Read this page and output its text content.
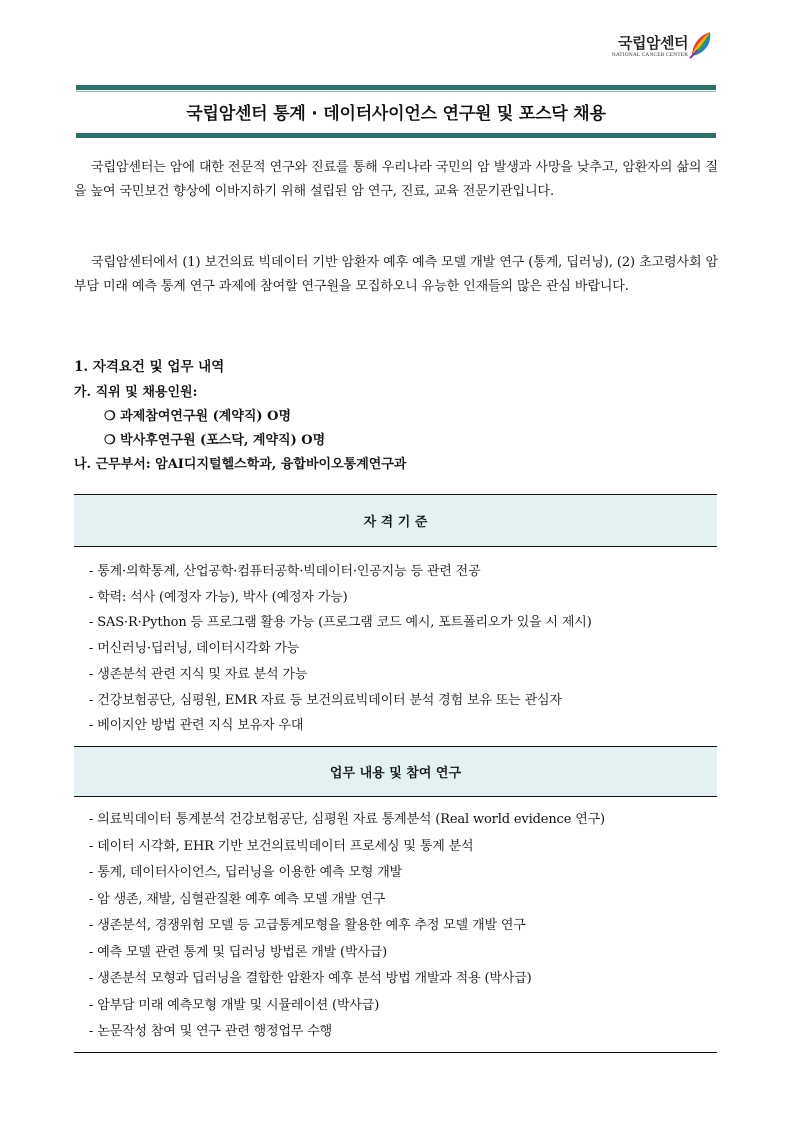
국립암센터
NATIONAL CANCER CENTER
국립암센터 통계 · 데이터사이언스 연구원 및 포스닥 채용

국립암센터는 암에 대한 전문적 연구와 진료를 통해 우리나라 국민의 암 발생과 사망을 낮추고, 암환자의 삶의 질을 높여 국민보건 향상에 이바지하기 위해 설립된 암 연구, 진료, 교육 전문기관입니다.

국립암센터에서 (1) 보건의료 빅데이터 기반 암환자 예후 예측 모델 개발 연구 (통계, 딥러닝), (2) 초고령사회 암부담 미래 예측 통계 연구 과제에 참여할 연구원을 모집하오니 유능한 인재들의 많은 관심 바랍니다.

1. 자격요건 및 업무 내역

가. 직위 및 채용인원:

❍ 과제참여연구원 (계약직) O명

❍ 박사후연구원 (포스닥, 계약직) O명

나. 근무부서: 암AI디지털헬스학과, 융합바이오통계연구과

자 격 기 준
- 통계·의학통계, 산업공학·컴퓨터공학·빅데이터·인공지능 등 관련 전공
- 학력: 석사 (예정자 가능), 박사 (예정자 가능)
- SAS·R·Python 등 프로그램 활용 가능 (프로그램 코드 예시, 포트폴리오가 있을 시 제시)
- 머신러닝·딥러닝, 데이터시각화 가능
- 생존분석 관련 지식 및 자료 분석 가능
- 건강보험공단, 심평원, EMR 자료 등 보건의료빅데이터 분석 경험 보유 또는 관심자
- 베이지안 방법 관련 지식 보유자 우대
업무 내용 및 참여 연구
- 의료빅데이터 통계분석 건강보험공단, 심평원 자료 통계분석 (Real world evidence 연구)
- 데이터 시각화, EHR 기반 보건의료빅데이터 프로세싱 및 통계 분석
- 통계, 데이터사이언스, 딥러닝을 이용한 예측 모형 개발
- 암 생존, 재발, 심혈관질환 예후 예측 모델 개발 연구
- 생존분석, 경쟁위험 모델 등 고급통계모형을 활용한 예후 추정 모델 개발 연구
- 예측 모델 관련 통계 및 딥러닝 방법론 개발 (박사급)
- 생존분석 모형과 딥러닝을 결합한 암환자 예후 분석 방법 개발과 적용 (박사급)
- 암부담 미래 예측모형 개발 및 시뮬레이션 (박사급)
- 논문작성 참여 및 연구 관련 행정업무 수행
